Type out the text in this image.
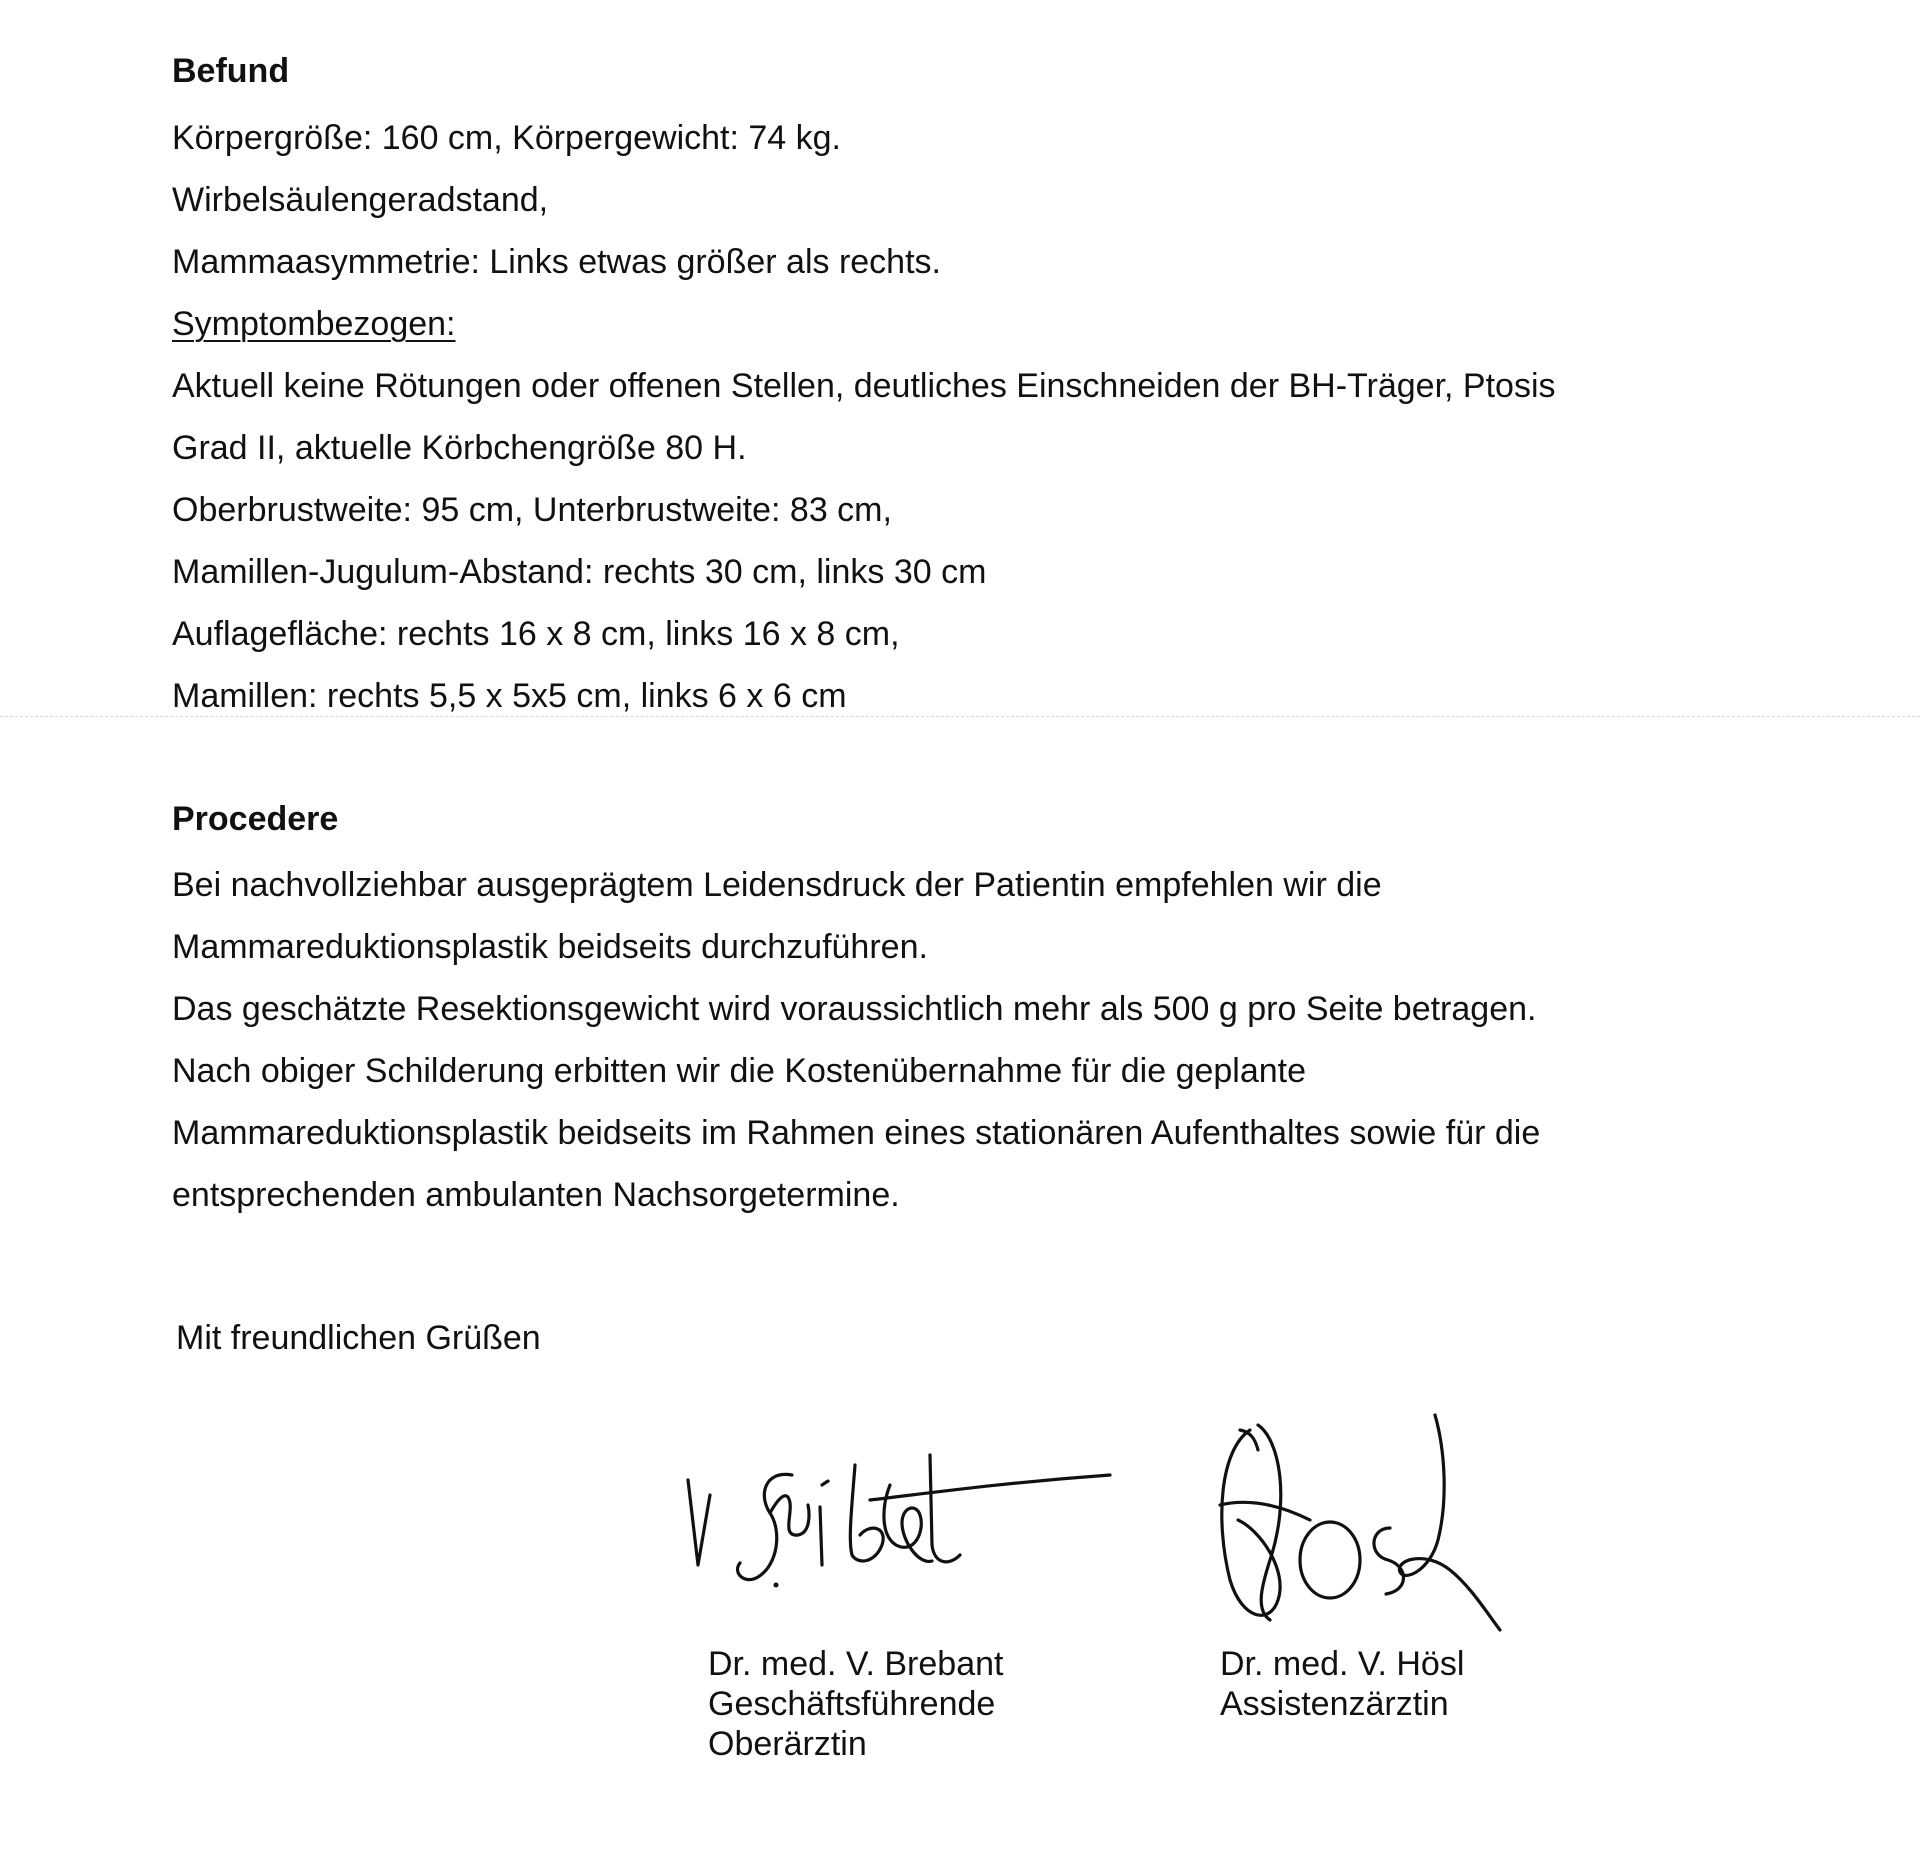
Befund

Körpergröße: 160 cm, Körpergewicht: 74 kg.

Wirbelsäulengeradstand,

Mammaasymmetrie: Links etwas größer als rechts.

Symptombezogen:

Aktuell keine Rötungen oder offenen Stellen, deutliches Einschneiden der BH-Träger, Ptosis

Grad II, aktuelle Körbchengröße 80 H.

Oberbrustweite: 95 cm, Unterbrustweite: 83 cm,

Mamillen-Jugulum-Abstand: rechts 30 cm, links 30 cm

Auflagefläche: rechts 16 x 8 cm, links 16 x 8 cm,

Mamillen: rechts 5,5 x 5x5 cm, links 6 x 6 cm

Procedere

Bei nachvollziehbar ausgeprägtem Leidensdruck der Patientin empfehlen wir die

Mammareduktionsplastik beidseits durchzuführen.

Das geschätzte Resektionsgewicht wird voraussichtlich mehr als 500 g pro Seite betragen.

Nach obiger Schilderung erbitten wir die Kostenübernahme für die geplante

Mammareduktionsplastik beidseits im Rahmen eines stationären Aufenthaltes sowie für die

entsprechenden ambulanten Nachsorgetermine.

Mit freundlichen Grüßen
Dr. med. V. Brebant
Geschäftsführende
Oberärztin
Dr. med. V. Hösl
Assistenzärztin
